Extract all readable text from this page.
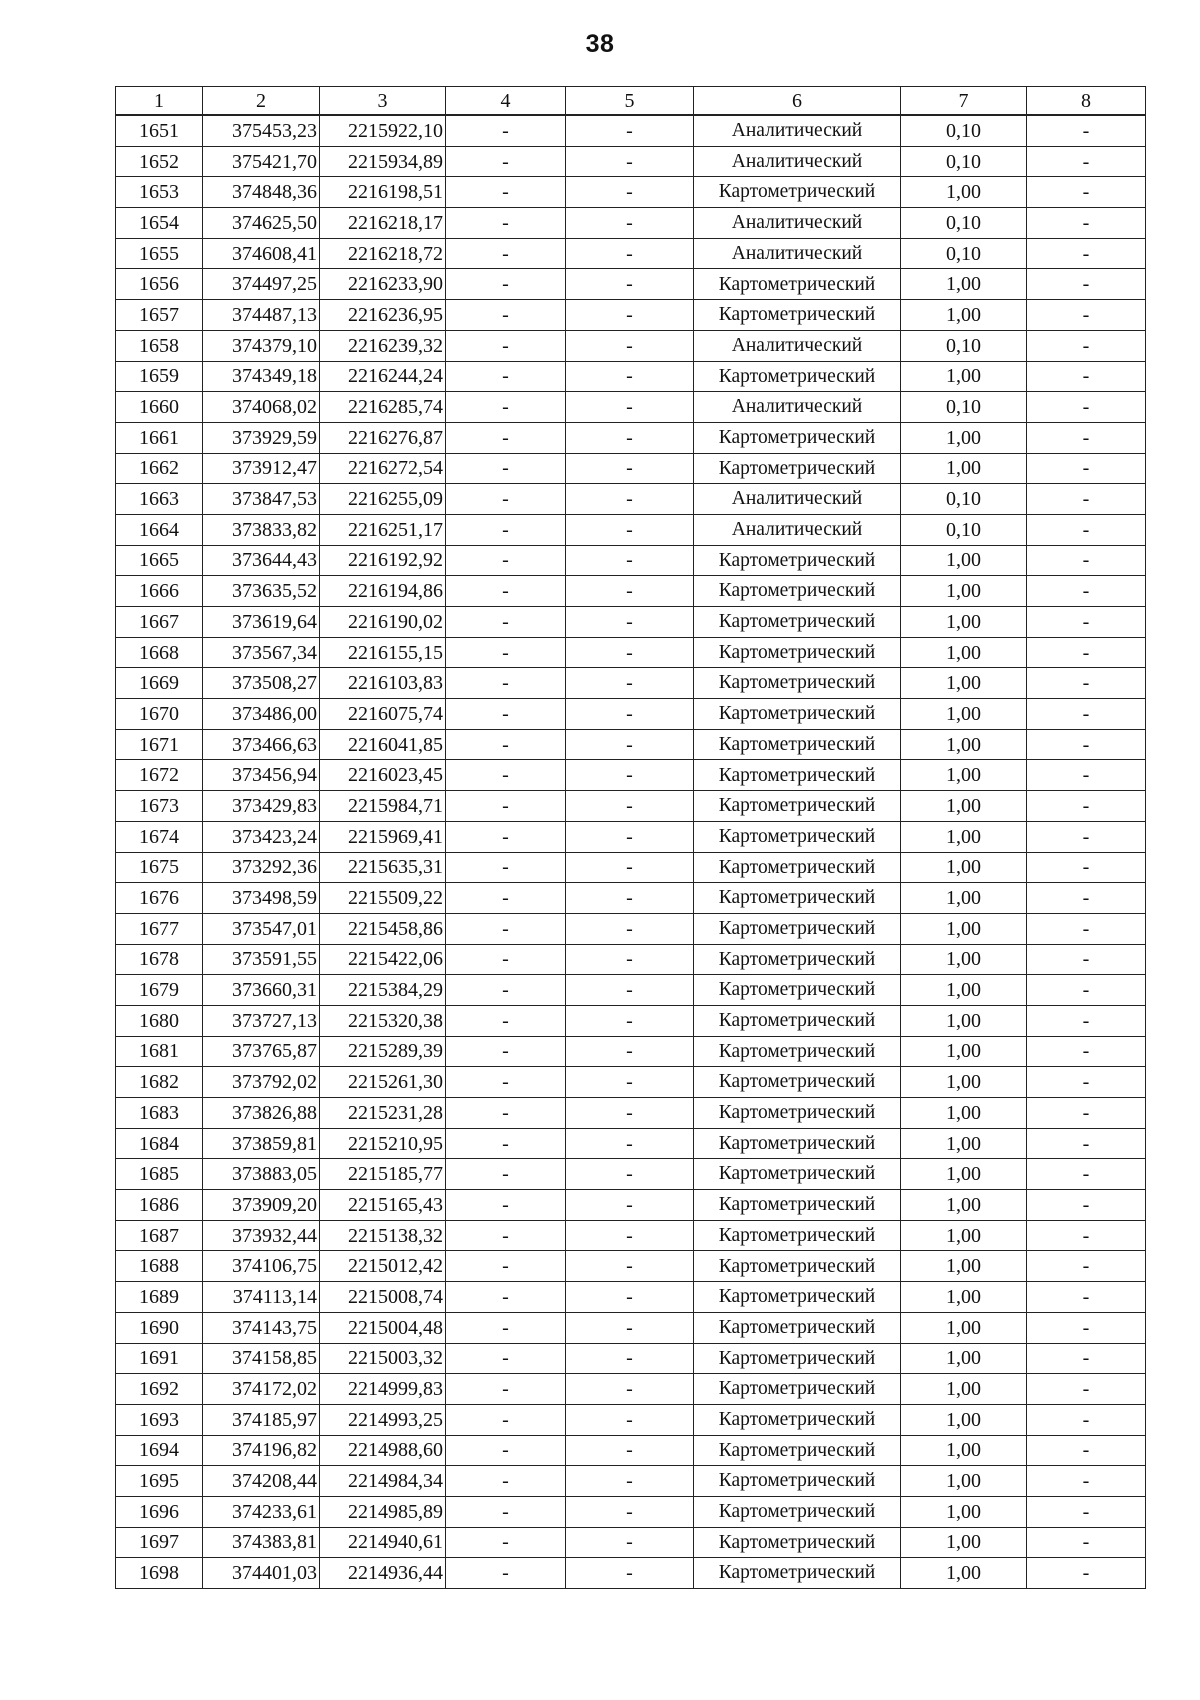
38
1	2	3	4	5	6	7	8
1651	375453,23	2215922,10	-	-	Аналитический	0,10	-
1652	375421,70	2215934,89	-	-	Аналитический	0,10	-
1653	374848,36	2216198,51	-	-	Картометрический	1,00	-
1654	374625,50	2216218,17	-	-	Аналитический	0,10	-
1655	374608,41	2216218,72	-	-	Аналитический	0,10	-
1656	374497,25	2216233,90	-	-	Картометрический	1,00	-
1657	374487,13	2216236,95	-	-	Картометрический	1,00	-
1658	374379,10	2216239,32	-	-	Аналитический	0,10	-
1659	374349,18	2216244,24	-	-	Картометрический	1,00	-
1660	374068,02	2216285,74	-	-	Аналитический	0,10	-
1661	373929,59	2216276,87	-	-	Картометрический	1,00	-
1662	373912,47	2216272,54	-	-	Картометрический	1,00	-
1663	373847,53	2216255,09	-	-	Аналитический	0,10	-
1664	373833,82	2216251,17	-	-	Аналитический	0,10	-
1665	373644,43	2216192,92	-	-	Картометрический	1,00	-
1666	373635,52	2216194,86	-	-	Картометрический	1,00	-
1667	373619,64	2216190,02	-	-	Картометрический	1,00	-
1668	373567,34	2216155,15	-	-	Картометрический	1,00	-
1669	373508,27	2216103,83	-	-	Картометрический	1,00	-
1670	373486,00	2216075,74	-	-	Картометрический	1,00	-
1671	373466,63	2216041,85	-	-	Картометрический	1,00	-
1672	373456,94	2216023,45	-	-	Картометрический	1,00	-
1673	373429,83	2215984,71	-	-	Картометрический	1,00	-
1674	373423,24	2215969,41	-	-	Картометрический	1,00	-
1675	373292,36	2215635,31	-	-	Картометрический	1,00	-
1676	373498,59	2215509,22	-	-	Картометрический	1,00	-
1677	373547,01	2215458,86	-	-	Картометрический	1,00	-
1678	373591,55	2215422,06	-	-	Картометрический	1,00	-
1679	373660,31	2215384,29	-	-	Картометрический	1,00	-
1680	373727,13	2215320,38	-	-	Картометрический	1,00	-
1681	373765,87	2215289,39	-	-	Картометрический	1,00	-
1682	373792,02	2215261,30	-	-	Картометрический	1,00	-
1683	373826,88	2215231,28	-	-	Картометрический	1,00	-
1684	373859,81	2215210,95	-	-	Картометрический	1,00	-
1685	373883,05	2215185,77	-	-	Картометрический	1,00	-
1686	373909,20	2215165,43	-	-	Картометрический	1,00	-
1687	373932,44	2215138,32	-	-	Картометрический	1,00	-
1688	374106,75	2215012,42	-	-	Картометрический	1,00	-
1689	374113,14	2215008,74	-	-	Картометрический	1,00	-
1690	374143,75	2215004,48	-	-	Картометрический	1,00	-
1691	374158,85	2215003,32	-	-	Картометрический	1,00	-
1692	374172,02	2214999,83	-	-	Картометрический	1,00	-
1693	374185,97	2214993,25	-	-	Картометрический	1,00	-
1694	374196,82	2214988,60	-	-	Картометрический	1,00	-
1695	374208,44	2214984,34	-	-	Картометрический	1,00	-
1696	374233,61	2214985,89	-	-	Картометрический	1,00	-
1697	374383,81	2214940,61	-	-	Картометрический	1,00	-
1698	374401,03	2214936,44	-	-	Картометрический	1,00	-
